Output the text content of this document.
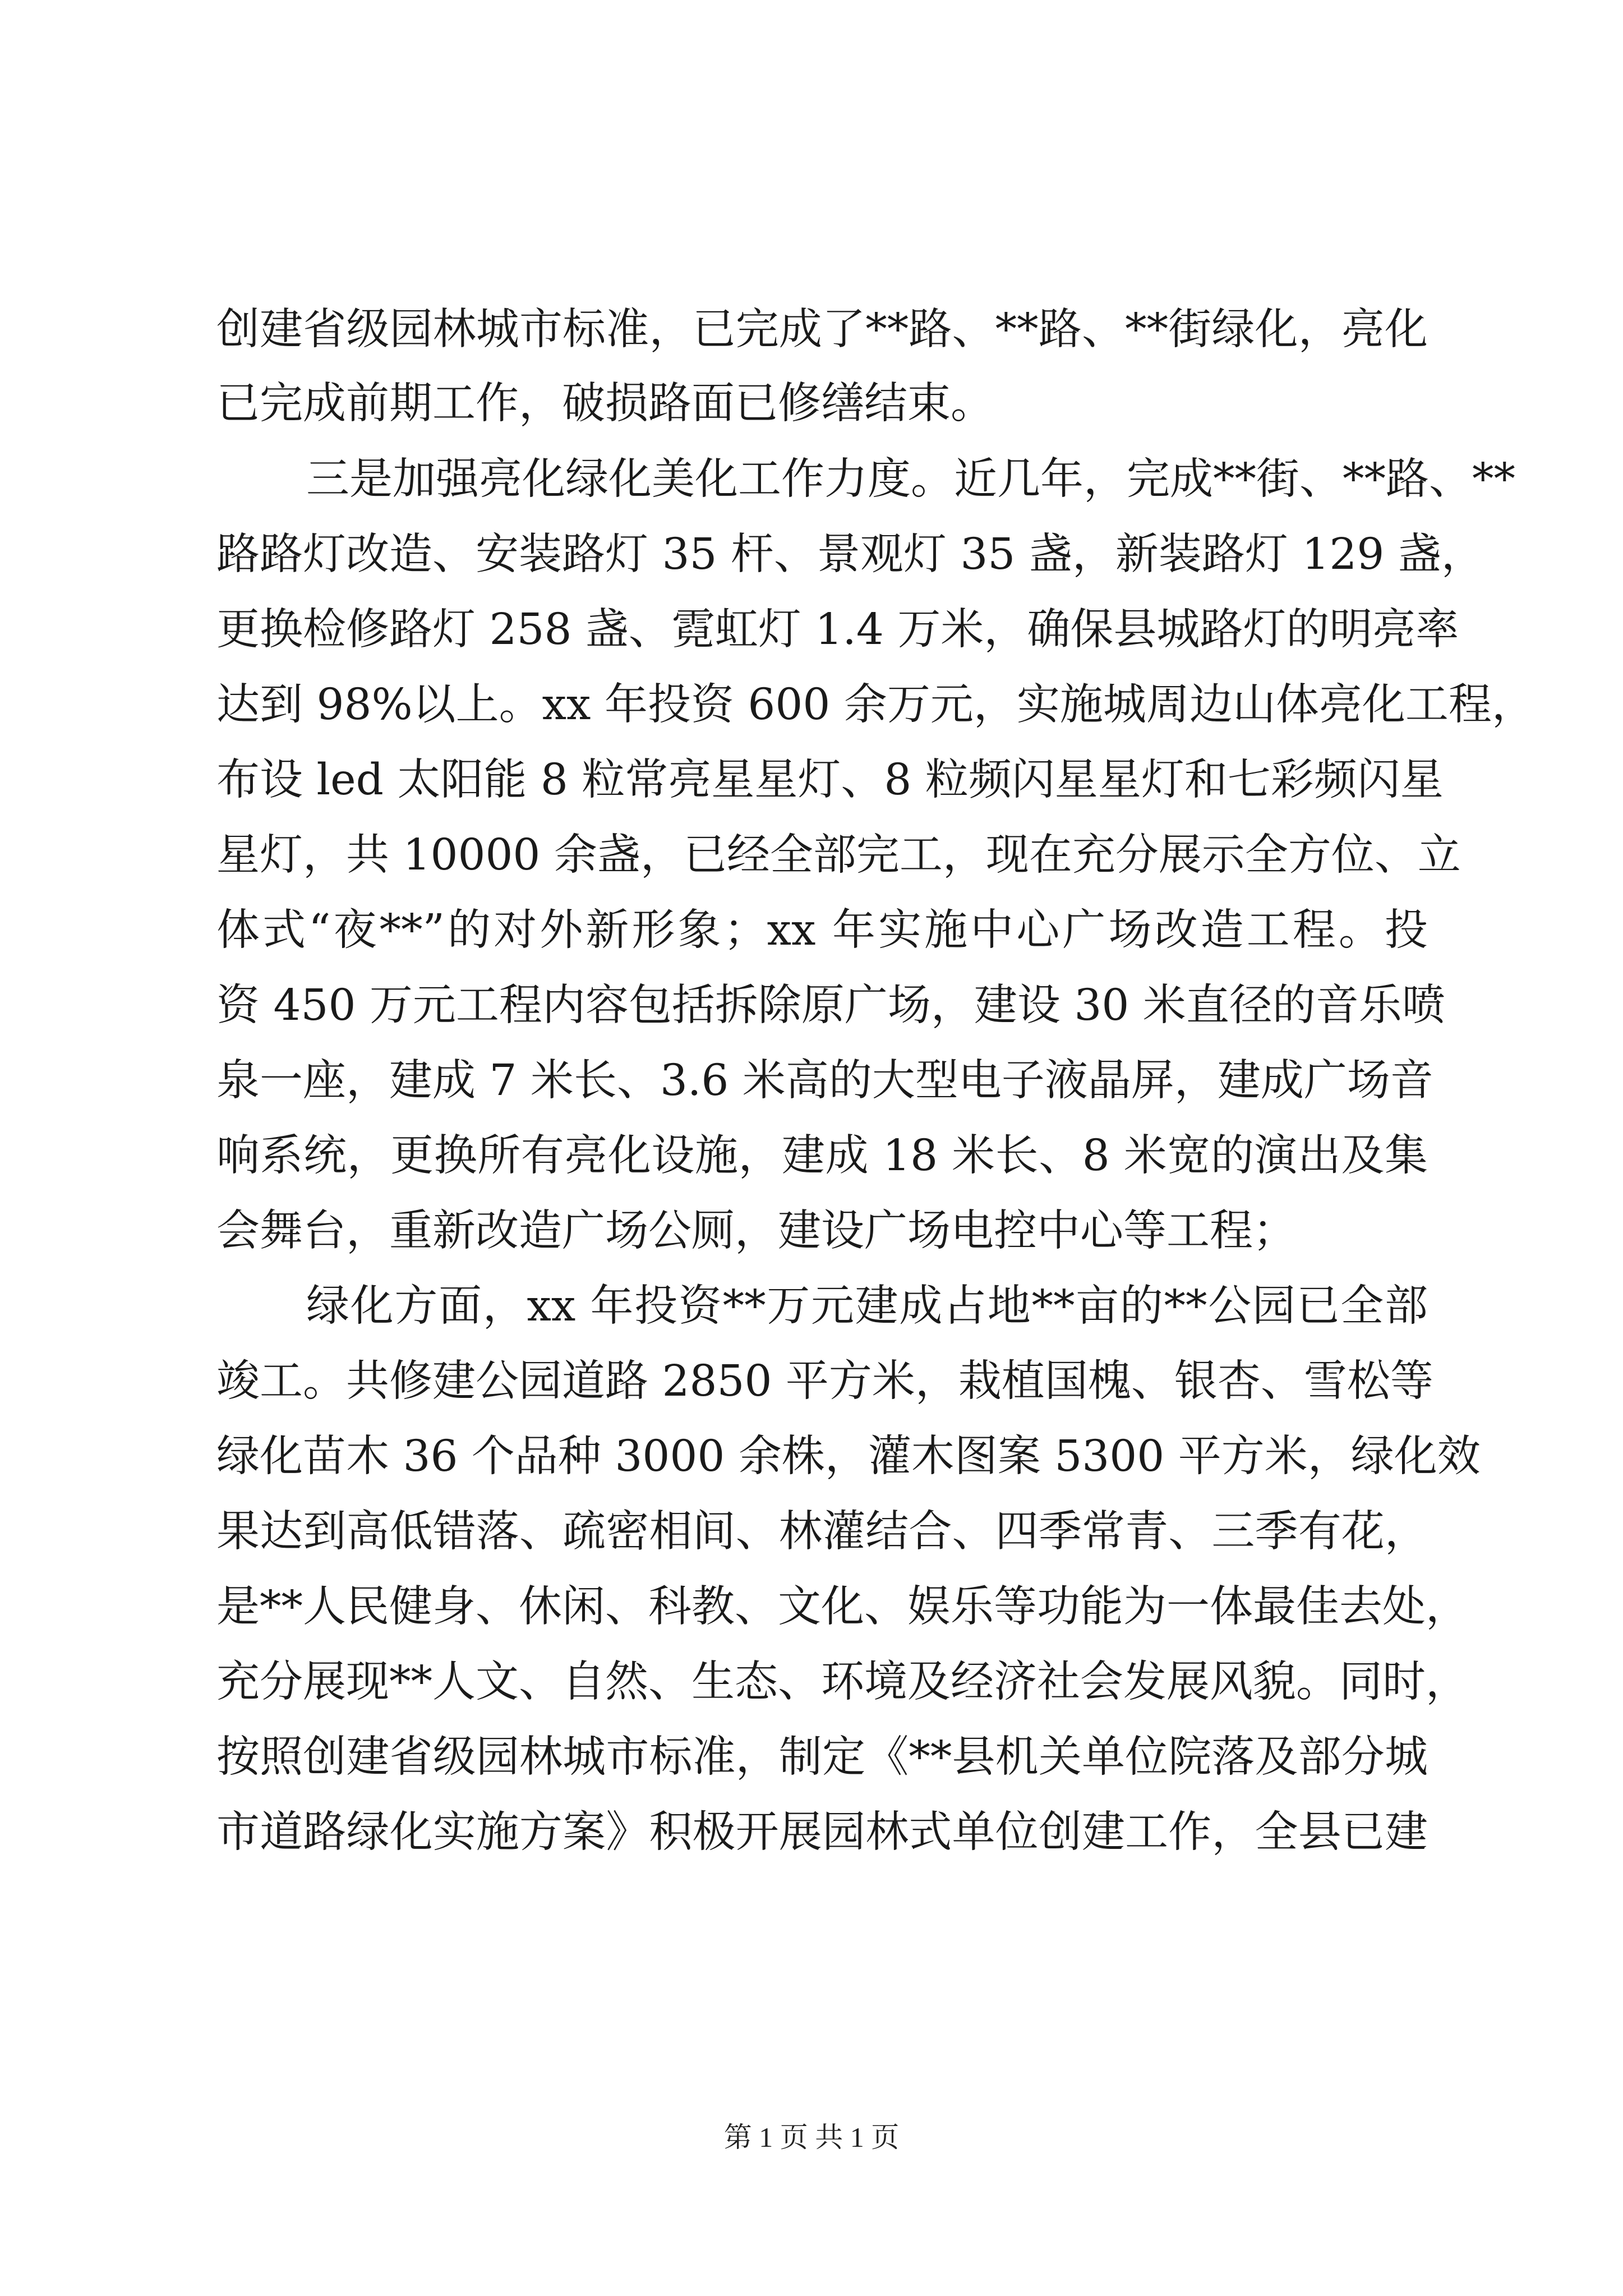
创建省级园林城市标准，已完成了**路、**路、**街绿化，亮化
已完成前期工作，破损路面已修缮结束。
三是加强亮化绿化美化工作力度。近几年，完成**街、**路、**
路路灯改造、安装路灯 35 杆、景观灯 35 盏，新装路灯 129 盏，
更换检修路灯 258 盏、霓虹灯 1.4 万米，确保县城路灯的明亮率
达到 98%以上。xx 年投资 600 余万元，实施城周边山体亮化工程，
布设 led 太阳能 8 粒常亮星星灯、8 粒频闪星星灯和七彩频闪星
星灯，共 10000 余盏，已经全部完工，现在充分展示全方位、立
体式“夜**”的对外新形象；xx 年实施中心广场改造工程。投
资 450 万元工程内容包括拆除原广场，建设 30 米直径的音乐喷
泉一座，建成 7 米长、3.6 米高的大型电子液晶屏，建成广场音
响系统，更换所有亮化设施，建成 18 米长、8 米宽的演出及集
会舞台，重新改造广场公厕，建设广场电控中心等工程；
绿化方面，xx 年投资**万元建成占地**亩的**公园已全部
竣工。共修建公园道路 2850 平方米，栽植国槐、银杏、雪松等
绿化苗木 36 个品种 3000 余株，灌木图案 5300 平方米，绿化效
果达到高低错落、疏密相间、林灌结合、四季常青、三季有花，
是**人民健身、休闲、科教、文化、娱乐等功能为一体最佳去处，
充分展现**人文、自然、生态、环境及经济社会发展风貌。同时，
按照创建省级园林城市标准，制定《**县机关单位院落及部分城
市道路绿化实施方案》积极开展园林式单位创建工作，全县已建
第 1 页 共 1 页
